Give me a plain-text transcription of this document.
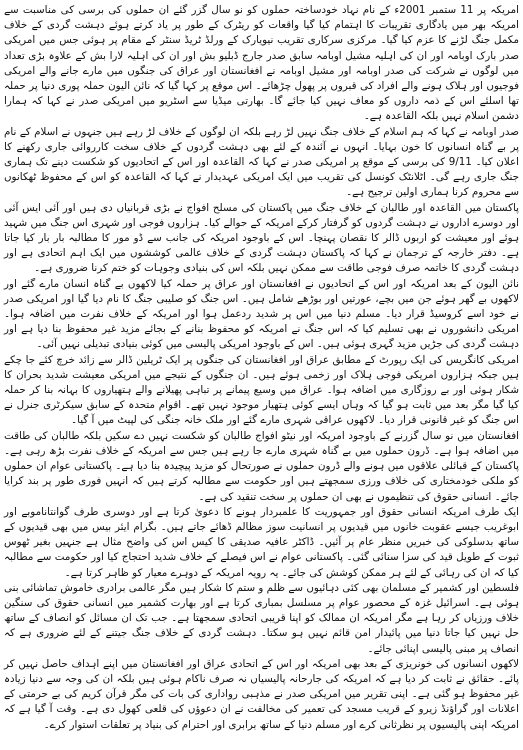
امریکہ پر 11 ستمبر 2001ء کے نام نہاد خودساختہ حملوں کو نو سال گزر گئے ان حملوں کی برسی کی مناسبت سے امریکہ بھر میں یادگاری تقریبات کا اہتمام کیا گیا واقعات کو ریٹرک کے طور پر یاد کرتے ہوئے دہشت گردی کے خلاف مکمل جنگ لڑنے کا عزم کیا گیا۔ مرکزی سرکاری تقریب نیویارک کے ورلڈ ٹریڈ سنٹر کے مقام پر ہوئی جس میں امریکی صدر بارک اوبامہ اور ان کی اہلیہ مشیل اوبامہ سابق صدر جارج ڈبلیو بش اور ان کی اہلیہ لارا بش کے علاوہ بڑی تعداد میں لوگوں نے شرکت کی صدر اوبامہ اور مشیل اوبامہ نے افغانستان اور عراق کی جنگوں میں مارے جانے والے امریکی فوجیوں اور ہلاک ہونے والے افراد کی قبروں پر پھول چڑھائے۔ اس موقع پر کہا گیا کہ نائن الیون حملہ پوری دنیا پر حملہ تھا اسلئے اس کے ذمہ داروں کو معاف نہیں کیا جائے گا۔ بھارتی میڈیا سے اسٹریو میں امریکی صدر نے کہا کہ ہمارا دشمن اسلام نہیں بلکہ القاعدہ ہے۔

صدر اوبامہ نے کہا کہ ہم اسلام کے خلاف جنگ نہیں لڑ رہے بلکہ ان لوگوں کے خلاف لڑ رہے ہیں جنہوں نے اسلام کے نام پر بے گناہ انسانوں کا خون بہایا۔ انہوں نے آئندہ کے لئے بھی دہشت گردوں کے خلاف سخت کارروائی جاری رکھنے کا اعلان کیا۔ 9/11 کی برسی کے موقع پر امریکی صدر نے کہا کہ القاعدہ اور اس کے اتحادیوں کو شکست دینے تک ہماری جنگ جاری رہے گی۔ اٹلانٹک کونسل کی تقریب میں ایک امریکی عہدیدار نے کہا کہ القاعدہ کو اس کے محفوظ ٹھکانوں سے محروم کرنا ہماری اولین ترجیح ہے۔

پاکستان میں القاعدہ اور طالبان کے خلاف جنگ میں پاکستان کی مسلح افواج نے بڑی قربانیاں دی ہیں اور آئی ایس آئی اور دوسرے اداروں نے دہشت گردوں کو گرفتار کرکے امریکہ کے حوالے کیا۔ ہزاروں فوجی اور شہری اس جنگ میں شہید ہوئے اور معیشت کو اربوں ڈالر کا نقصان پہنچا۔ اس کے باوجود امریکہ کی جانب سے ڈو مور کا مطالبہ بار بار کیا جاتا ہے۔ دفتر خارجہ کے ترجمان نے کہا کہ پاکستان دہشت گردی کے خلاف عالمی کوششوں میں ایک اہم اتحادی ہے اور دہشت گردی کا خاتمہ صرف فوجی طاقت سے ممکن نہیں بلکہ اس کی بنیادی وجوہات کو ختم کرنا ضروری ہے۔

نائن الیون کے بعد امریکہ اور اس کے اتحادیوں نے افغانستان اور عراق پر حملہ کیا لاکھوں بے گناہ انسان مارے گئے اور لاکھوں بے گھر ہوئے جن میں بچے، عورتیں اور بوڑھے شامل ہیں۔ اس جنگ کو صلیبی جنگ کا نام دیا گیا اور امریکی صدر نے خود اسے کروسیڈ قرار دیا۔ مسلم دنیا میں اس پر شدید ردعمل ہوا اور امریکہ کے خلاف نفرت میں اضافہ ہوا۔ امریکی دانشوروں نے بھی تسلیم کیا کہ اس جنگ نے امریکہ کو محفوظ بنانے کے بجائے مزید غیر محفوظ بنا دیا ہے اور دہشت گردی کی جڑیں مزید گہری ہوئی ہیں۔ اس کے باوجود امریکی پالیسی میں کوئی بنیادی تبدیلی نہیں آئی۔

امریکی کانگریس کی ایک رپورٹ کے مطابق عراق اور افغانستان کی جنگوں پر ایک ٹریلین ڈالر سے زائد خرچ کئے جا چکے ہیں جبکہ ہزاروں امریکی فوجی ہلاک اور زخمی ہوئے ہیں۔ ان جنگوں کے نتیجے میں امریکی معیشت شدید بحران کا شکار ہوئی اور بے روزگاری میں اضافہ ہوا۔ عراق میں وسیع پیمانے پر تباہی پھیلانے والے ہتھیاروں کا بہانہ بنا کر حملہ کیا گیا مگر بعد میں ثابت ہو گیا کہ وہاں ایسے کوئی ہتھیار موجود نہیں تھے۔ اقوام متحدہ کے سابق سیکرٹری جنرل نے اس جنگ کو غیر قانونی قرار دیا۔ لاکھوں عراقی شہری مارے گئے اور ملک خانہ جنگی کی لپیٹ میں آ گیا۔

افغانستان میں نو سال گزرنے کے باوجود امریکہ اور نیٹو افواج طالبان کو شکست نہیں دے سکیں بلکہ طالبان کی طاقت میں اضافہ ہوا ہے۔ ڈرون حملوں میں بے گناہ شہری مارے جا رہے ہیں جس سے امریکہ کے خلاف نفرت بڑھ رہی ہے۔ پاکستان کے قبائلی علاقوں میں ہونے والے ڈرون حملوں نے صورتحال کو مزید پیچیدہ بنا دیا ہے۔ پاکستانی عوام ان حملوں کو ملکی خودمختاری کی خلاف ورزی سمجھتے ہیں اور حکومت سے مطالبہ کرتے ہیں کہ انہیں فوری طور پر بند کرایا جائے۔ انسانی حقوق کی تنظیموں نے بھی ان حملوں پر سخت تنقید کی ہے۔

ایک طرف امریکہ انسانی حقوق اور جمہوریت کا علمبردار ہونے کا دعویٰ کرتا ہے اور دوسری طرف گوانتاناموبے اور ابوغریب جیسے عقوبت خانوں میں قیدیوں پر انسانیت سوز مظالم ڈھائے جاتے ہیں۔ بگرام ایئر بیس میں بھی قیدیوں کے ساتھ بدسلوکی کی خبریں منظر عام پر آئیں۔ ڈاکٹر عافیہ صدیقی کا کیس اس کی واضح مثال ہے جنہیں بغیر ٹھوس ثبوت کے طویل قید کی سزا سنائی گئی۔ پاکستانی عوام نے اس فیصلے کے خلاف شدید احتجاج کیا اور حکومت سے مطالبہ کیا کہ ان کی رہائی کے لئے ہر ممکن کوشش کی جائے۔ یہ رویہ امریکہ کے دوہرے معیار کو ظاہر کرتا ہے۔

فلسطین اور کشمیر کے مسلمان بھی کئی دہائیوں سے ظلم و ستم کا شکار ہیں مگر عالمی برادری خاموش تماشائی بنی ہوئی ہے۔ اسرائیل غزہ کے محصور عوام پر مسلسل بمباری کرتا ہے اور بھارت کشمیر میں انسانی حقوق کی سنگین خلاف ورزیاں کر رہا ہے مگر امریکہ ان ممالک کو اپنا قریبی اتحادی سمجھتا ہے۔ جب تک ان مسائل کو انصاف کے ساتھ حل نہیں کیا جاتا دنیا میں پائیدار امن قائم نہیں ہو سکتا۔ دہشت گردی کے خلاف جنگ جیتنے کے لئے ضروری ہے کہ انصاف پر مبنی پالیسی اپنائی جائے۔

لاکھوں انسانوں کی خونریزی کے بعد بھی امریکہ اور اس کے اتحادی عراق اور افغانستان میں اپنے اہداف حاصل نہیں کر پائے۔ حقائق نے ثابت کر دیا ہے کہ امریکہ کی جارحانہ پالیسیاں نہ صرف ناکام ہوئی ہیں بلکہ ان کی وجہ سے دنیا زیادہ غیر محفوظ ہو گئی ہے۔ اپنی تقریر میں امریکی صدر نے مذہبی رواداری کی بات کی مگر قرآن کریم کی بے حرمتی کے اعلانات اور گراؤنڈ زیرو کے قریب مسجد کی تعمیر کی مخالفت نے ان دعوؤں کی قلعی کھول دی ہے۔ وقت آ گیا ہے کہ امریکہ اپنی پالیسیوں پر نظرثانی کرے اور مسلم دنیا کے ساتھ برابری اور احترام کی بنیاد پر تعلقات استوار کرے۔
